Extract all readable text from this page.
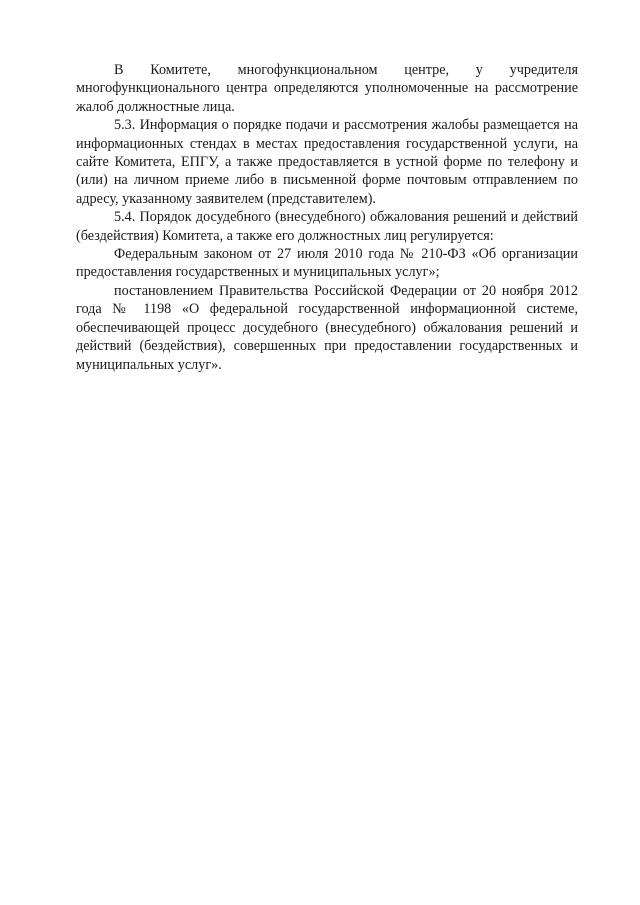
В Комитете, многофункциональном центре, у учредителя многофункционального центра определяются уполномоченные на рассмотрение жалоб должностные лица.

5.3. Информация о порядке подачи и рассмотрения жалобы размещается на информационных стендах в местах предоставления государственной услуги, на сайте Комитета, ЕПГУ, а также предоставляется в устной форме по телефону и (или) на личном приеме либо в письменной форме почтовым отправлением по адресу, указанному заявителем (представителем).

5.4. Порядок досудебного (внесудебного) обжалования решений и действий (бездействия) Комитета, а также его должностных лиц регулируется:

Федеральным законом от 27 июля 2010 года № 210-ФЗ «Об организации предоставления государственных и муниципальных услуг»;

постановлением Правительства Российской Федерации от 20 ноября 2012 года № 1198 «О федеральной государственной информационной системе, обеспечивающей процесс досудебного (внесудебного) обжалования решений и действий (бездействия), совершенных при предоставлении государственных и муниципальных услуг».
